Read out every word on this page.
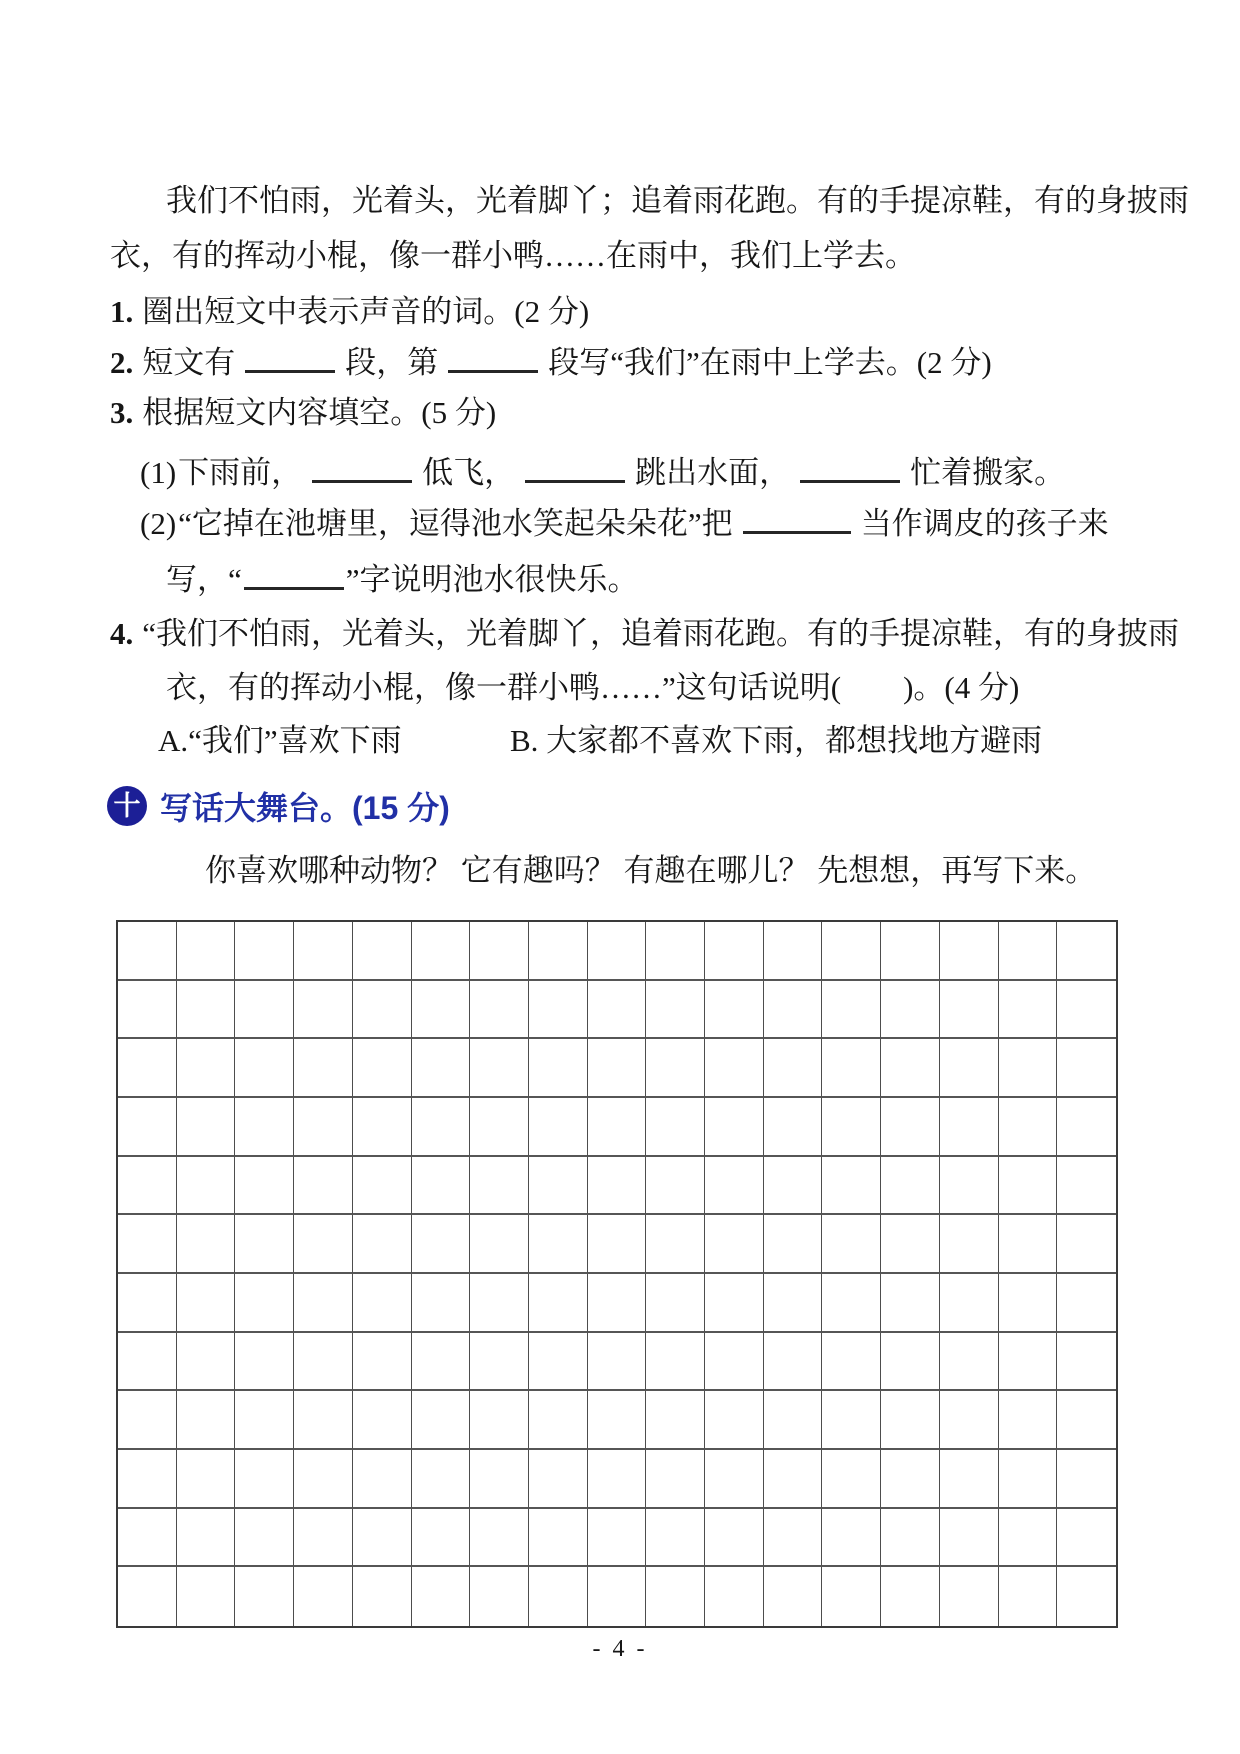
我们不怕雨，光着头，光着脚丫；追着雨花跑。有的手提凉鞋，有的身披雨
衣，有的挥动小棍，像一群小鸭……在雨中，我们上学去。
1. 圈出短文中表示声音的词。(2 分)
2. 短文有	段，第	段写“我们”在雨中上学去。(2 分)
3. 根据短文内容填空。(5 分)
(1)下雨前，	低飞，	跳出水面，	忙着搬家。
(2)“它掉在池塘里，逗得池水笑起朵朵花”把	当作调皮的孩子来
写，“	”字说明池水很快乐。
4. “我们不怕雨，光着头，光着脚丫，追着雨花跑。有的手提凉鞋，有的身披雨
衣，有的挥动小棍，像一群小鸭……”这句话说明(　　)。(4 分)
A.“我们”喜欢下雨	B. 大家都不喜欢下雨，都想找地方避雨
十 写话大舞台。(15 分)
你喜欢哪种动物？ 它有趣吗？ 有趣在哪儿？ 先想想，再写下来。
- 4 -
